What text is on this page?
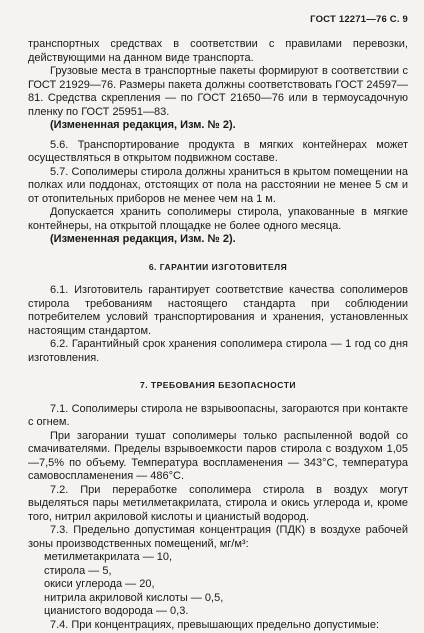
ГОСТ 12271—76 С. 9

транспортных средствах в соответствии с правилами перевозки, действующими на данном виде транспорта.

Грузовые места в транспортные пакеты формируют в соответствии с ГОСТ 21929—76. Размеры пакета должны соответствовать ГОСТ 24597—81. Средства скрепления — по ГОСТ 21650—76 или в термоусадочную пленку по ГОСТ 25951—83.

(Измененная редакция, Изм. № 2).

5.6. Транспортирование продукта в мягких контейнерах может осуществляться в открытом подвижном составе.

5.7. Сополимеры стирола должны храниться в крытом помещении на полках или поддонах, отстоящих от пола на расстоянии не менее 5 см и от отопительных приборов не менее чем на 1 м.

Допускается хранить сополимеры стирола, упакованные в мягкие контейнеры, на открытой площадке не более одного месяца.

(Измененная редакция, Изм. № 2).

6. ГАРАНТИИ ИЗГОТОВИТЕЛЯ

6.1. Изготовитель гарантирует соответствие качества сополимеров стирола требованиям настоящего стандарта при соблюдении потребителем условий транспортирования и хранения, установленных настоящим стандартом.

6.2. Гарантийный срок хранения сополимера стирола — 1 год со дня изготовления.

7. ТРЕБОВАНИЯ БЕЗОПАСНОСТИ

7.1. Сополимеры стирола не взрывоопасны, загораются при контакте с огнем.

При загорании тушат сополимеры только распыленной водой со смачивателями. Пределы взрывоемкости паров стирола с воздухом 1,05—7,5% по объему. Температура воспламенения — 343°С, температура самовоспламенения — 486°С.

7.2. При переработке сополимера стирола в воздух могут выделяться пары метилметакрилата, стирола и окись углерода и, кроме того, нитрил акриловой кислоты и цианистый водород.

7.3. Предельно допустимая концентрация (ПДК) в воздухе рабочей зоны производственных помещений, мг/м³:

метилметакрилата — 10,

стирола — 5,

окиси углерода — 20,

нитрила акриловой кислоты — 0,5,

цианистого водорода — 0,3.

7.4. При концентрациях, превышающих предельно допустимые:
